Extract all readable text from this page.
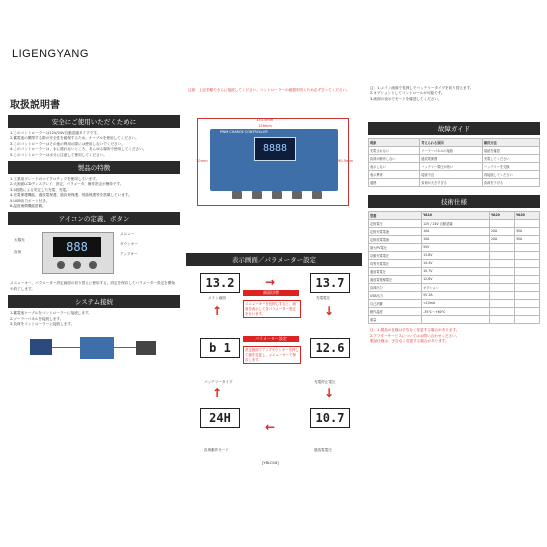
LIGENGYANG
取扱説明書
安全にご使用いただくために
1.このコントローラーは12V/24V自動認識タイプです。
2.蓄電池の開閉する際の安全性を確保するため、ケーブルを使用してください。
3.このコントローラーはその他の利用の際には使用しないでください。
4.このコントローラーは、水に濡れないところ、あらゆる場所で使用してください。
5.このコントローラーは水分に注意して使用してください。
製品の特徴
1.工業用グレードのマイクロチップを使用しています。
2.大画面LCDディスプレイ、設定、パラメータ、操作設定が簡単です。
3.3段階による安定した充電、充電。
4.充電保護機能、過放電保護、過負荷保護、短絡保護等を搭載しています。
5.USB出力ポート付き。
6.温度補償機能搭載。
アイコンの定義、ボタン
888
メニュー
ダウンキー
アップキー
太陽光
負荷
メニューキー、パラメーター設定画面の切り替えに使用する。設定を保存してパラメーター設定を開始や終了します。
システム接続
1.蓄電池ケーブルをコントローラーに接続します。
2.ソーラーパネルを接続します。
3.負荷をコントローラーに接続します。
注意：上記手順でさらに接続してください。コントローラーの破損を防ぐため必ず守ってください。
133.5mm
128mm
70mm	90.5mm
PWM CHARGE CONTROLLER
8888
表示画面／パラメーター設定
13.2
メイン画面
13.7
充電電圧
b 1
バッテリータイプ
12.6
充電停止電圧
24H
負荷動作モード
10.7
過放電電圧
→
↓
↓
←
↑
↑
画面切替
メニューキーを長押しすると、画面を表示して各パラメーター設定を行います。
パラメーター設定
設定画面でアップダウンキーを押して値を変更し、メニューキーで保存します。
[YBLO18]
注：1.メイン画面で長押しでバッテリータイプを切り替えます。
2.オプションとしてコントロールが可能です。
3.画面の表示でモードを確認してください。
故障ガイド
現象	考えられる原因	解決方法
充電されない	ソーラーパネルの接続	接続を確認
負荷が動作しない	過放電保護	充電してください
表示しない	バッテリー電圧が低い	バッテリーを交換
表示異常	接続不良	再接続してください
過熱	負荷が大きすぎる	負荷を下げる
技術仕様
型番	YA10	YA20	YA30
定格電圧	12V / 24V 自動認識		
定格充電電流	10A	20A	30A
定格放電電流	10A	20A	30A
最大PV電圧	50V		
浮動充電電圧	13.8V		
均等充電電圧	14.4V		
過放電電圧	10.7V		
過放電復帰電圧	12.6V		
負荷出力	オプション		
USB出力	5V 2A		
自己消費	<10mA		
動作温度	-35℃～+60℃		
重量			
注：1.製品の仕様は予告なく変更する場合があります。
2.アフターサービスについてはお問い合わせください。
製品仕様は、予告なく変更する場合があります。
